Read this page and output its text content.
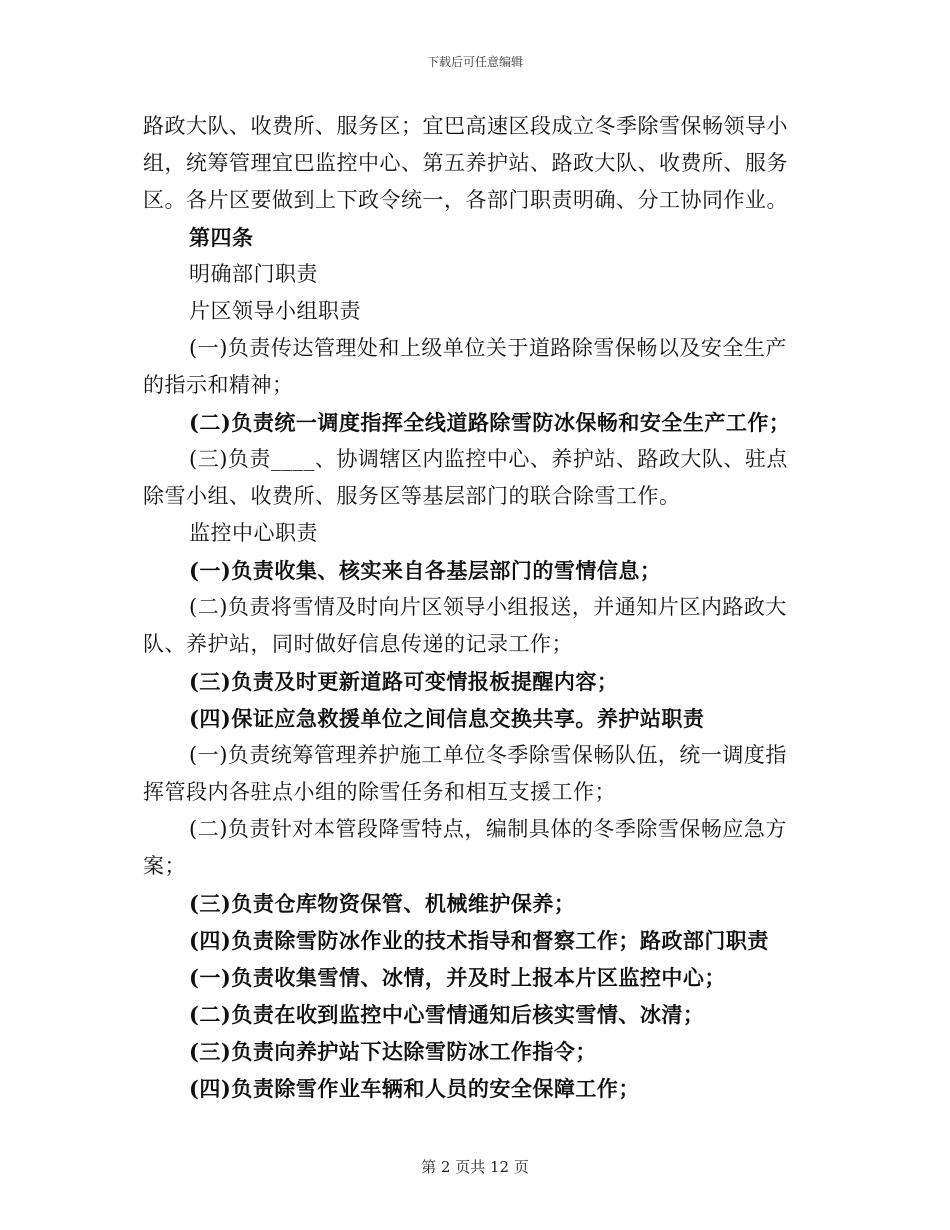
下载后可任意编辑

路政大队、收费所、服务区；宜巴高速区段成立冬季除雪保畅领导小组，统筹管理宜巴监控中心、第五养护站、路政大队、收费所、服务区。各片区要做到上下政令统一，各部门职责明确、分工协同作业。

第四条

明确部门职责

片区领导小组职责

(一)负责传达管理处和上级单位关于道路除雪保畅以及安全生产的指示和精神；

(二)负责统一调度指挥全线道路除雪防冰保畅和安全生产工作；

(三)负责____、协调辖区内监控中心、养护站、路政大队、驻点除雪小组、收费所、服务区等基层部门的联合除雪工作。

监控中心职责

(一)负责收集、核实来自各基层部门的雪情信息；

(二)负责将雪情及时向片区领导小组报送，并通知片区内路政大队、养护站，同时做好信息传递的记录工作；

(三)负责及时更新道路可变情报板提醒内容；

(四)保证应急救援单位之间信息交换共享。养护站职责

(一)负责统筹管理养护施工单位冬季除雪保畅队伍，统一调度指挥管段内各驻点小组的除雪任务和相互支援工作；

(二)负责针对本管段降雪特点，编制具体的冬季除雪保畅应急方案；

(三)负责仓库物资保管、机械维护保养；

(四)负责除雪防冰作业的技术指导和督察工作；路政部门职责

(一)负责收集雪情、冰情，并及时上报本片区监控中心；

(二)负责在收到监控中心雪情通知后核实雪情、冰清；

(三)负责向养护站下达除雪防冰工作指令；

(四)负责除雪作业车辆和人员的安全保障工作；

第 2 页共 12 页
